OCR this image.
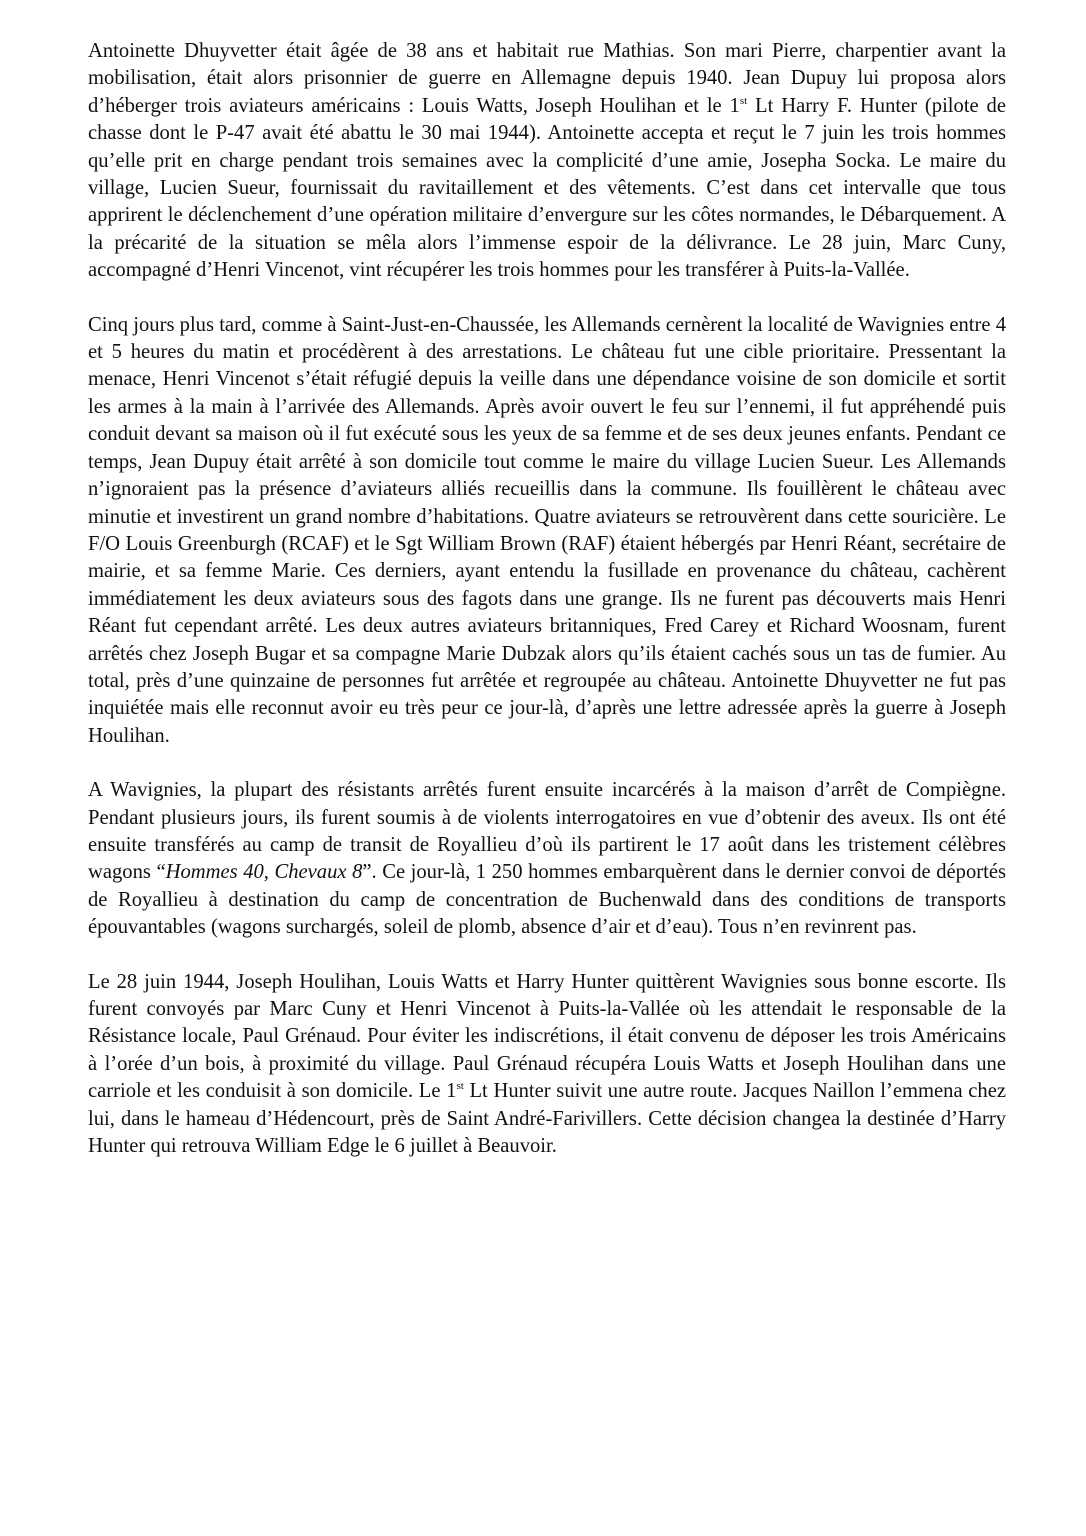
Antoinette Dhuyvetter était âgée de 38 ans et habitait rue Mathias. Son mari Pierre, charpentier avant la mobilisation, était alors prisonnier de guerre en Allemagne depuis 1940. Jean Dupuy lui proposa alors d’héberger trois aviateurs américains : Louis Watts, Joseph Houlihan et le 1st Lt Harry F. Hunter (pilote de chasse dont le P-47 avait été abattu le 30 mai 1944). Antoinette accepta et reçut le 7 juin les trois hommes qu’elle prit en charge pendant trois semaines avec la complicité d’une amie, Josepha Socka. Le maire du village, Lucien Sueur, fournissait du ravitaillement et des vêtements. C’est dans cet intervalle que tous apprirent le déclenchement d’une opération militaire d’envergure sur les côtes normandes, le Débarquement. A la précarité de la situation se mêla alors l’immense espoir de la délivrance. Le 28 juin, Marc Cuny, accompagné d’Henri Vincenot, vint récupérer les trois hommes pour les transférer à Puits-la-Vallée.

Cinq jours plus tard, comme à Saint-Just-en-Chaussée, les Allemands cernèrent la localité de Wavignies entre 4 et 5 heures du matin et procédèrent à des arrestations. Le château fut une cible prioritaire. Pressentant la menace, Henri Vincenot s’était réfugié depuis la veille dans une dépendance voisine de son domicile et sortit les armes à la main à l’arrivée des Allemands. Après avoir ouvert le feu sur l’ennemi, il fut appréhendé puis conduit devant sa maison où il fut exécuté sous les yeux de sa femme et de ses deux jeunes enfants. Pendant ce temps, Jean Dupuy était arrêté à son domicile tout comme le maire du village Lucien Sueur. Les Allemands n’ignoraient pas la présence d’aviateurs alliés recueillis dans la commune. Ils fouillèrent le château avec minutie et investirent un grand nombre d’habitations. Quatre aviateurs se retrouvèrent dans cette souricière. Le F/O Louis Greenburgh (RCAF) et le Sgt William Brown (RAF) étaient hébergés par Henri Réant, secrétaire de mairie, et sa femme Marie. Ces derniers, ayant entendu la fusillade en provenance du château, cachèrent immédiatement les deux aviateurs sous des fagots dans une grange. Ils ne furent pas découverts mais Henri Réant fut cependant arrêté. Les deux autres aviateurs britanniques, Fred Carey et Richard Woosnam, furent arrêtés chez Joseph Bugar et sa compagne Marie Dubzak alors qu’ils étaient cachés sous un tas de fumier. Au total, près d’une quinzaine de personnes fut arrêtée et regroupée au château. Antoinette Dhuyvetter ne fut pas inquiétée mais elle reconnut avoir eu très peur ce jour-là, d’après une lettre adressée après la guerre à Joseph Houlihan.

A Wavignies, la plupart des résistants arrêtés furent ensuite incarcérés à la maison d’arrêt de Compiègne. Pendant plusieurs jours, ils furent soumis à de violents interrogatoires en vue d’obtenir des aveux. Ils ont été ensuite transférés au camp de transit de Royallieu d’où ils partirent le 17 août dans les tristement célèbres wagons “Hommes 40, Chevaux 8”. Ce jour-là, 1 250 hommes embarquèrent dans le dernier convoi de déportés de Royallieu à destination du camp de concentration de Buchenwald dans des conditions de transports épouvantables (wagons surchargés, soleil de plomb, absence d’air et d’eau). Tous n’en revinrent pas.

Le 28 juin 1944, Joseph Houlihan, Louis Watts et Harry Hunter quittèrent Wavignies sous bonne escorte. Ils furent convoyés par Marc Cuny et Henri Vincenot à Puits-la-Vallée où les attendait le responsable de la Résistance locale, Paul Grénaud. Pour éviter les indiscrétions, il était convenu de déposer les trois Américains à l’orée d’un bois, à proximité du village. Paul Grénaud récupéra Louis Watts et Joseph Houlihan dans une carriole et les conduisit à son domicile. Le 1st Lt Hunter suivit une autre route. Jacques Naillon l’emmena chez lui, dans le hameau d’Hédencourt, près de Saint André-Farivillers. Cette décision changea la destinée d’Harry Hunter qui retrouva William Edge le 6 juillet à Beauvoir.
